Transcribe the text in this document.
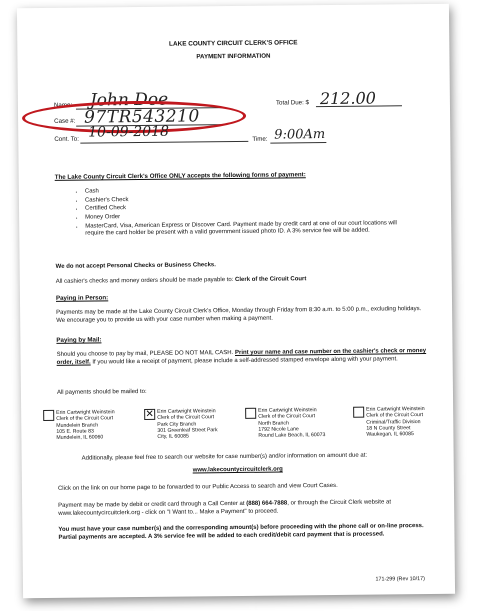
LAKE COUNTY CIRCUIT CLERK'S OFFICE
PAYMENT INFORMATION
Name: John Doe	Total Due: $ 212.00
Case #: 97TR543210
Cont. To: 10-09-2018	Time: 9:00Am
The Lake County Circuit Clerk's Office ONLY accepts the following forms of payment:
• Cash
• Cashier's Check
• Certified Check
• Money Order
• MasterCard, Visa, American Express or Discover Card. Payment made by credit card at one of our court locations will require the card holder be present with a valid government issued photo ID. A 3% service fee will be added.
We do not accept Personal Checks or Business Checks.
All cashier's checks and money orders should be made payable to: Clerk of the Circuit Court
Paying in Person:
Payments may be made at the Lake County Circuit Clerk's Office, Monday through Friday from 8:30 a.m. to 5:00 p.m., excluding holidays. We encourage you to provide us with your case number when making a payment.
Paying by Mail:
Should you choose to pay by mail, PLEASE DO NOT MAIL CASH. Print your name and case number on the cashier's check or money order, itself. If you would like a receipt of payment, please include a self-addressed stamped envelope along with your payment.
All payments should be mailed to:
Erin Cartwright Weinstein
Clerk of the Circuit Court
Mundelein Branch
105 E. Route 83
Mundelein, IL 60060
✕ Erin Cartwright Weinstein
Clerk of the Circuit Court
Park City Branch
301 Greenleaf Street Park
City, IL 60085
Erin Cartwright Weinstein
Clerk of the Circuit Court
North Branch
1792 Nicole Lane
Round Lake Beach, IL 60073
Erin Cartwright Weinstein
Clerk of the Circuit Court
Criminal/Traffic Division
18 N County Street
Waukegan, IL 60085
Additionally, please feel free to search our website for case number(s) and/or information on amount due at:
www.lakecountycircuitclerk.org
Click on the link on our home page to be forwarded to our Public Access to search and view Court Cases.
Payment may be made by debit or credit card through a Call Center at (888) 664-7888, or through the Circuit Clerk website at www.lakecountycircuitclerk.org - click on "I Want to... Make a Payment" to proceed.
You must have your case number(s) and the corresponding amount(s) before proceeding with the phone call or on-line process. Partial payments are accepted. A 3% service fee will be added to each credit/debit card payment that is processed.
171-299 (Rev 10/17)
